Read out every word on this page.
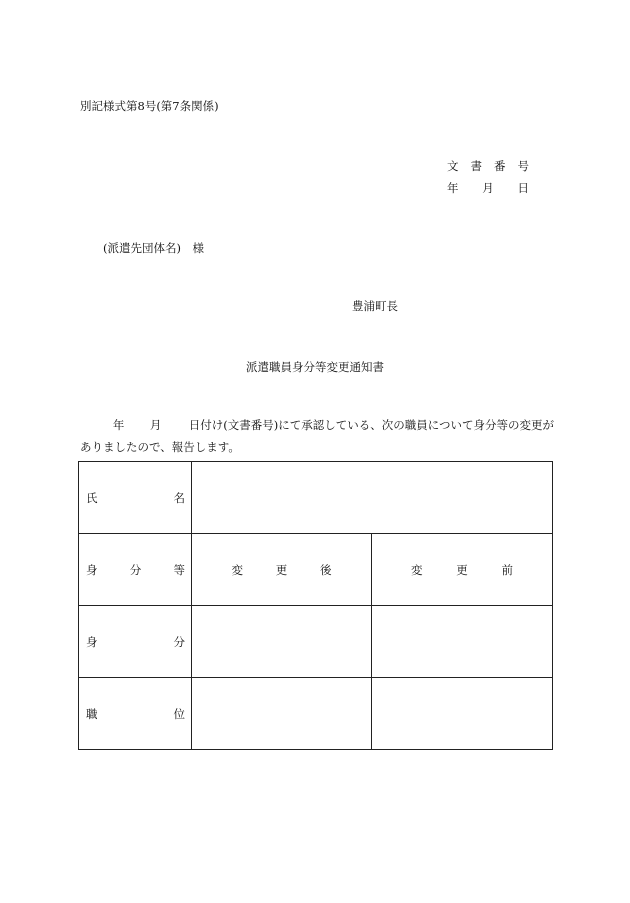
別記様式第8号(第7条関係)
文 書 番 号
年 月 日
(派遣先団体名)　様
豊浦町長
派遣職員身分等変更通知書
年 月 日付け(文書番号)にて承認している、次の職員について身分等の変更が
ありましたので、報告します。
氏 名		

身 分 等	変 更 後	変 更 前

身 分		

職 位		
